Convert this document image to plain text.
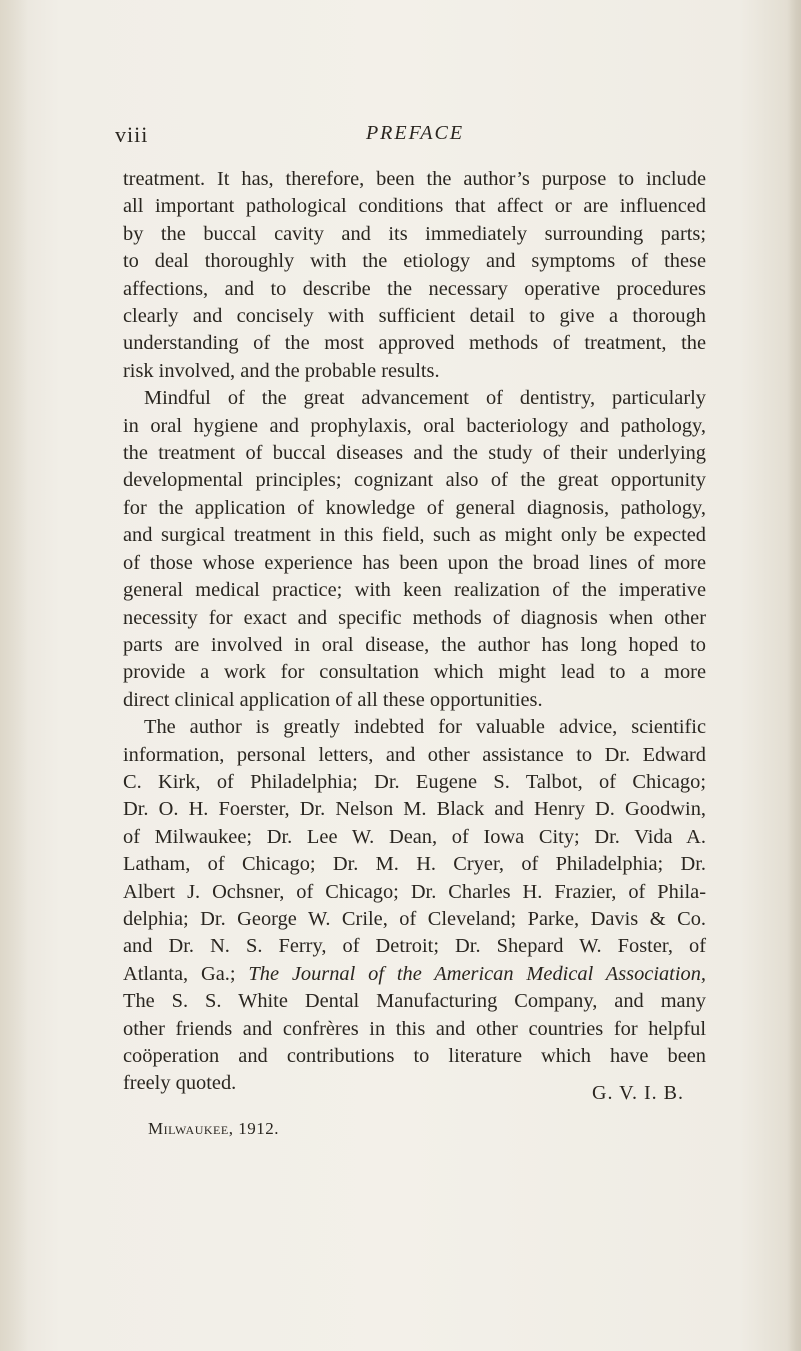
viii	PREFACE
treatment. It has, therefore, been the author’s purpose to include
all important pathological conditions that affect or are influenced
by the buccal cavity and its immediately surrounding parts;
to deal thoroughly with the etiology and symptoms of these
affections, and to describe the necessary operative procedures
clearly and concisely with sufficient detail to give a thorough
understanding of the most approved methods of treatment, the
risk involved, and the probable results.
Mindful of the great advancement of dentistry, particularly
in oral hygiene and prophylaxis, oral bacteriology and pathology,
the treatment of buccal diseases and the study of their underlying
developmental principles; cognizant also of the great opportunity
for the application of knowledge of general diagnosis, pathology,
and surgical treatment in this field, such as might only be expected
of those whose experience has been upon the broad lines of more
general medical practice; with keen realization of the imperative
necessity for exact and specific methods of diagnosis when other
parts are involved in oral disease, the author has long hoped to
provide a work for consultation which might lead to a more
direct clinical application of all these opportunities.
The author is greatly indebted for valuable advice, scientific
information, personal letters, and other assistance to Dr. Edward
C. Kirk, of Philadelphia; Dr. Eugene S. Talbot, of Chicago;
Dr. O. H. Foerster, Dr. Nelson M. Black and Henry D. Goodwin,
of Milwaukee; Dr. Lee W. Dean, of Iowa City; Dr. Vida A.
Latham, of Chicago; Dr. M. H. Cryer, of Philadelphia; Dr.
Albert J. Ochsner, of Chicago; Dr. Charles H. Frazier, of Phila-
delphia; Dr. George W. Crile, of Cleveland; Parke, Davis & Co.
and Dr. N. S. Ferry, of Detroit; Dr. Shepard W. Foster, of
Atlanta, Ga.; The Journal of the American Medical Association,
The S. S. White Dental Manufacturing Company, and many
other friends and confrères in this and other countries for helpful
coöperation and contributions to literature which have been
freely quoted.	G. V. I. B.
Milwaukee, 1912.
